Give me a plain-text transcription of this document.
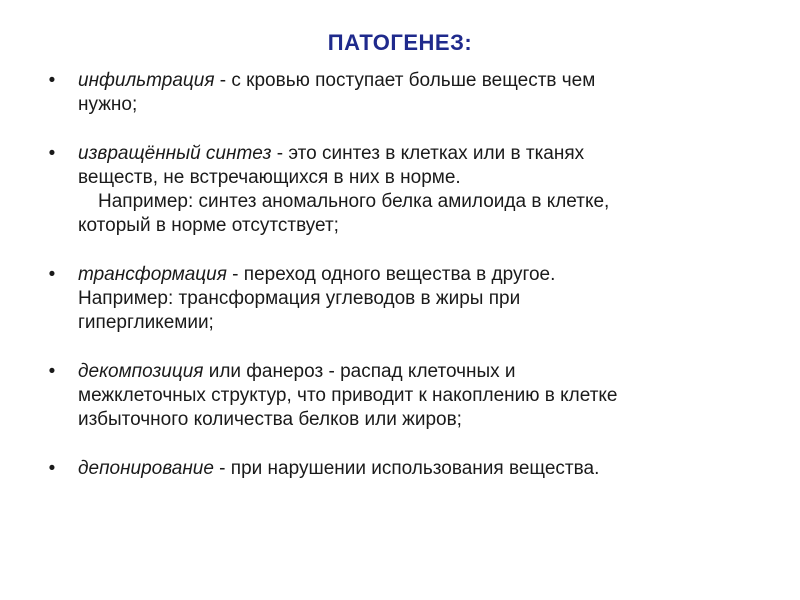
ПАТОГЕНЕЗ:
•	инфильтрация - с кровью поступает больше веществ чем
нужно;
•	извращённый синтез - это синтез в клетках или в тканях
веществ, не встречающихся в них в норме.
Например: синтез аномального белка амилоида в клетке,
который в норме отсутствует;
•	трансформация - переход одного вещества в другое.
Например: трансформация углеводов в жиры при
гипергликемии;
•	декомпозиция или фанероз - распад клеточных и
межклеточных структур, что приводит к накоплению в клетке
избыточного количества белков или жиров;
•	депонирование - при нарушении использования вещества.
